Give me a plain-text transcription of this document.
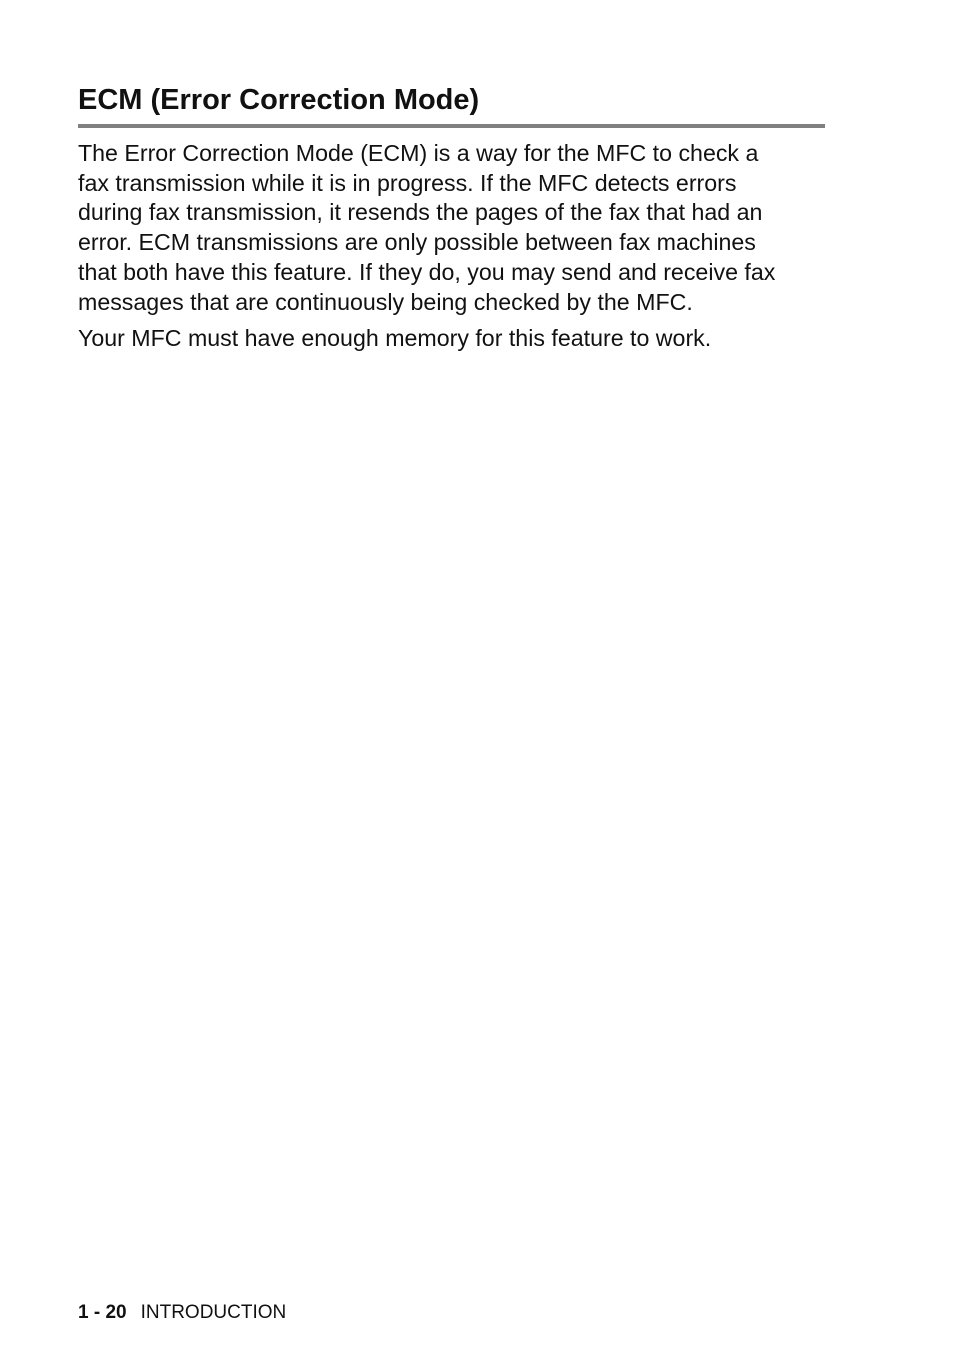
ECM (Error Correction Mode)

The Error Correction Mode (ECM) is a way for the MFC to check a
fax transmission while it is in progress. If the MFC detects errors
during fax transmission, it resends the pages of the fax that had an
error. ECM transmissions are only possible between fax machines
that both have this feature. If they do, you may send and receive fax
messages that are continuously being checked by the MFC.

Your MFC must have enough memory for this feature to work.

1 - 20 INTRODUCTION
